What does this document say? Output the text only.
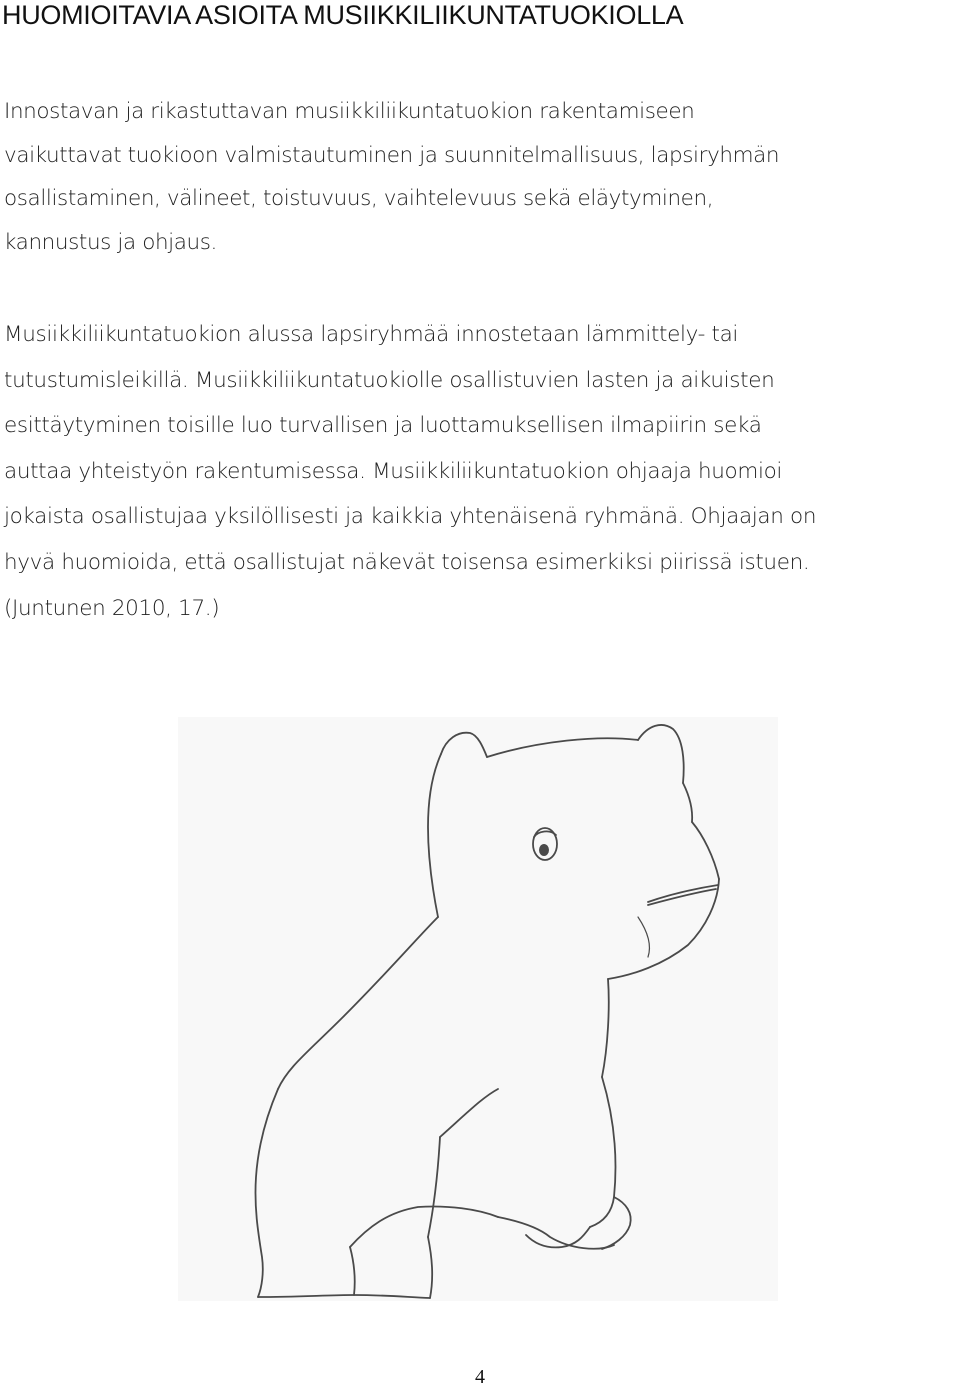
HUOMIOITAVIA ASIOITA MUSIIKKILIIKUNTATUOKIOLLA

Innostavan ja rikastuttavan musiikkiliikuntatuokion rakentamiseen
vaikuttavat tuokioon valmistautuminen ja suunnitelmallisuus, lapsiryhmän
osallistaminen, välineet, toistuvuus, vaihtelevuus sekä eläytyminen,
kannustus ja ohjaus.

Musiikkiliikuntatuokion alussa lapsiryhmää innostetaan lämmittely- tai
tutustumisleikillä. Musiikkiliikuntatuokiolle osallistuvien lasten ja aikuisten
esittäytyminen toisille luo turvallisen ja luottamuksellisen ilmapiirin sekä
auttaa yhteistyön rakentumisessa. Musiikkiliikuntatuokion ohjaaja huomioi
jokaista osallistujaa yksilöllisesti ja kaikkia yhtenäisenä ryhmänä. Ohjaajan on
hyvä huomioida, että osallistujat näkevät toisensa esimerkiksi piirissä istuen.
(Juntunen 2010, 17.)

4
